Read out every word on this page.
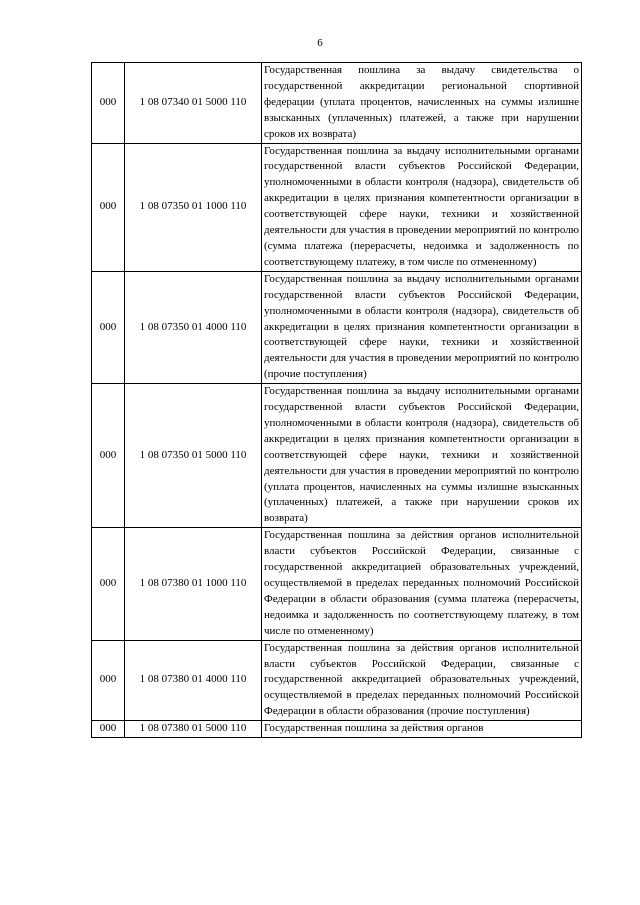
6
000	1 08 07340 01 5000 110	Государственная пошлина за выдачу свидетельства о государственной аккредитации региональной спортивной федерации (уплата процентов, начисленных на суммы излишне взысканных (уплаченных) платежей, а также при нарушении сроков их возврата)
000	1 08 07350 01 1000 110	Государственная пошлина за выдачу исполнительными органами государственной власти субъектов Российской Федерации, уполномоченными в области контроля (надзора), свидетельств об аккредитации в целях признания компетентности организации в соответствующей сфере науки, техники и хозяйственной деятельности для участия в проведении мероприятий по контролю (сумма платежа (перерасчеты, недоимка и задолженность по соответствующему платежу, в том числе по отмененному)
000	1 08 07350 01 4000 110	Государственная пошлина за выдачу исполнительными органами государственной власти субъектов Российской Федерации, уполномоченными в области контроля (надзора), свидетельств об аккредитации в целях признания компетентности организации в соответствующей сфере науки, техники и хозяйственной деятельности для участия в проведении мероприятий по контролю (прочие поступления)
000	1 08 07350 01 5000 110	Государственная пошлина за выдачу исполнительными органами государственной власти субъектов Российской Федерации, уполномоченными в области контроля (надзора), свидетельств об аккредитации в целях признания компетентности организации в соответствующей сфере науки, техники и хозяйственной деятельности для участия в проведении мероприятий по контролю (уплата процентов, начисленных на суммы излишне взысканных (уплаченных) платежей, а также при нарушении сроков их возврата)
000	1 08 07380 01 1000 110	Государственная пошлина за действия органов исполнительной власти субъектов Российской Федерации, связанные с государственной аккредитацией образовательных учреждений, осуществляемой в пределах переданных полномочий Российской Федерации в области образования (сумма платежа (перерасчеты, недоимка и задолженность по соответствующему платежу, в том числе по отмененному)
000	1 08 07380 01 4000 110	Государственная пошлина за действия органов исполнительной власти субъектов Российской Федерации, связанные с государственной аккредитацией образовательных учреждений, осуществляемой в пределах переданных полномочий Российской Федерации в области образования (прочие поступления)
000	1 08 07380 01 5000 110	Государственная пошлина за действия органов
